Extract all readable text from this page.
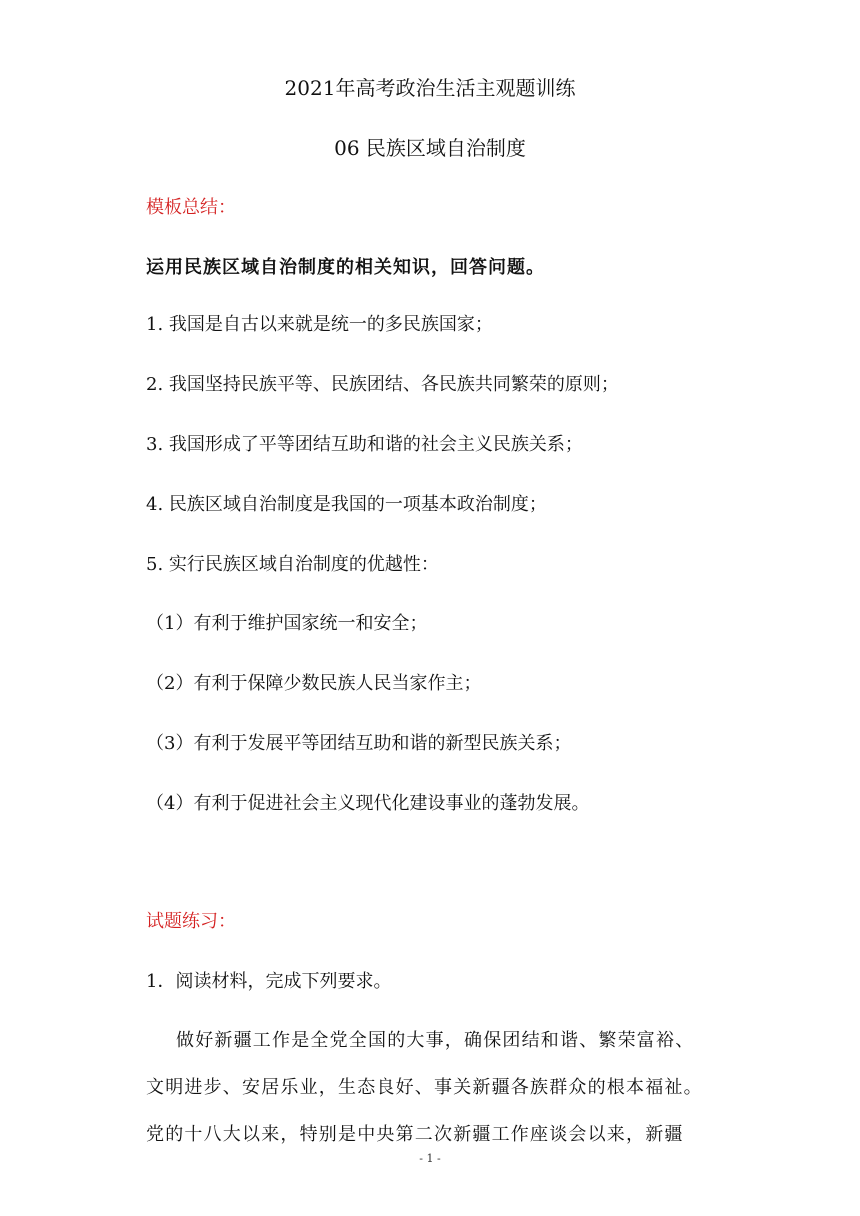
2021年高考政治生活主观题训练
06 民族区域自治制度
模板总结：
运用民族区域自治制度的相关知识，回答问题。
1. 我国是自古以来就是统一的多民族国家；
2. 我国坚持民族平等、民族团结、各民族共同繁荣的原则；
3. 我国形成了平等团结互助和谐的社会主义民族关系；
4. 民族区域自治制度是我国的一项基本政治制度；
5. 实行民族区域自治制度的优越性：
（1）有利于维护国家统一和安全；
（2）有利于保障少数民族人民当家作主；
（3）有利于发展平等团结互助和谐的新型民族关系；
（4）有利于促进社会主义现代化建设事业的蓬勃发展。
试题练习：
1．阅读材料，完成下列要求。
做好新疆工作是全党全国的大事，确保团结和谐、繁荣富裕、
文明进步、安居乐业，生态良好、事关新疆各族群众的根本福祉。
党的十八大以来，特别是中央第二次新疆工作座谈会以来，新疆
- 1 -
